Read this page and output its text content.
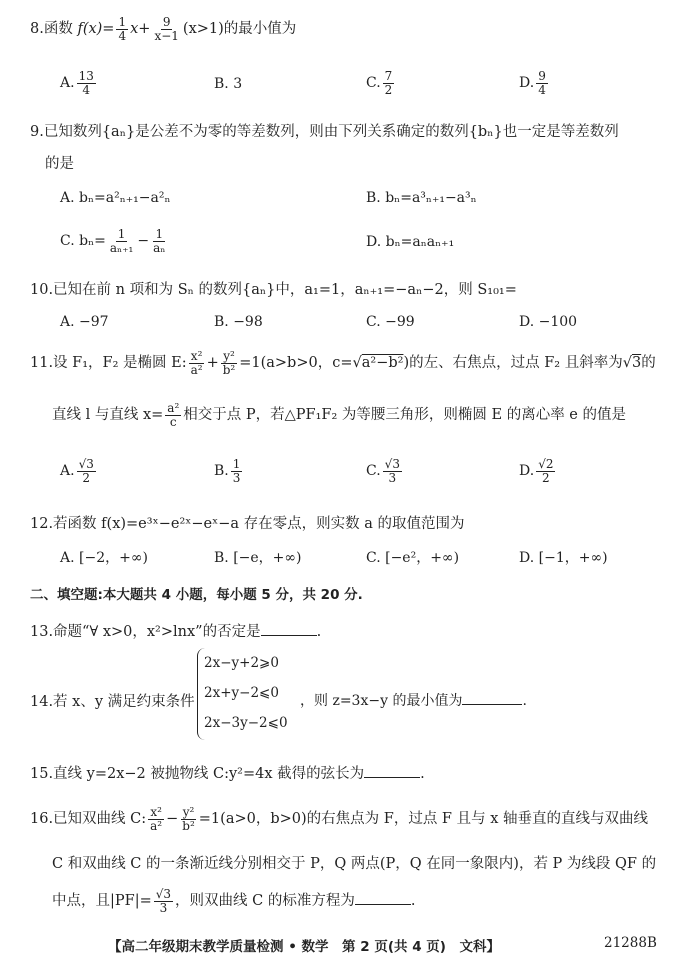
8.函数 $f(x)= \frac{1}{4} x+ \frac{9}{x-1} (x>1)$的最小值为
A. $\frac{13}{4}$	B. 3	C. $\frac{7}{2}$	D. $\frac{9}{4}$
9.已知数列{aₙ}是公差不为零的等差数列，则由下列关系确定的数列{bₙ}也一定是等差数列
的是
A. bₙ=a²ₙ₊₁−a²ₙ	B. bₙ=a³ₙ₊₁−a³ₙ
C. $b_n= \frac{1}{\text{aₙ₊₁}} - \frac{1}{\text{aₙ}}$	D. bₙ=aₙaₙ₊₁
10.已知在前 n 项和为 Sₙ 的数列{aₙ}中，a₁=1，aₙ₊₁=−aₙ−2，则 S₁₀₁=
A. −97	B. −98	C. −99	D. −100
11.设 F₁，F₂ 是椭圆 E: $\frac{\text{x²}}{\text{a²}} + \frac{\text{y²}}{\text{b²}} =1(a>b>0$，c=√a²−b²)的左、右焦点，过点 F₂ 且斜率为√3的
直线 l 与直线 $x= \frac{\text{a²}}{c}$ 相交于点 P，若△PF₁F₂ 为等腰三角形，则椭圆 E 的离心率 e 的值是
A. $\frac{√3}{2}$	B. $\frac{1}{3}$	C. $\frac{√3}{3}$	D. $\frac{√2}{2}$
12.若函数 f(x)=e³ˣ−e²ˣ−eˣ−a 存在零点，则实数 a 的取值范围为
A. [−2，+∞)	B. [−e，+∞)	C. [−e²，+∞)	D. [−1，+∞)
二、填空题:本大题共 4 小题，每小题 5 分，共 20 分.
13.命题“∀ x>0，x²>lnx”的否定是	.
14.若 x、y 满足约束条件
2x−y+2⩾0
2x+y−2⩽0
2x−3y−2⩽0
，则 z=3x−y 的最小值为	.
15.直线 y=2x−2 被抛物线 C:y²=4x 截得的弦长为	.
16.已知双曲线 C: $\frac{\text{x²}}{\text{a²}} - \frac{\text{y²}}{\text{b²}} =1(a>0$，b>0)的右焦点为 F，过点 F 且与 x 轴垂直的直线与双曲线
C 和双曲线 C 的一条渐近线分别相交于 P，Q 两点(P，Q 在同一象限内)，若 P 为线段 QF 的
中点，且$|PF|= \frac{√3}{3}$ ，则双曲线 C 的标准方程为	.
【高二年级期末教学质量检测 • 数学　第 2 页(共 4 页)　文科】	21288B
